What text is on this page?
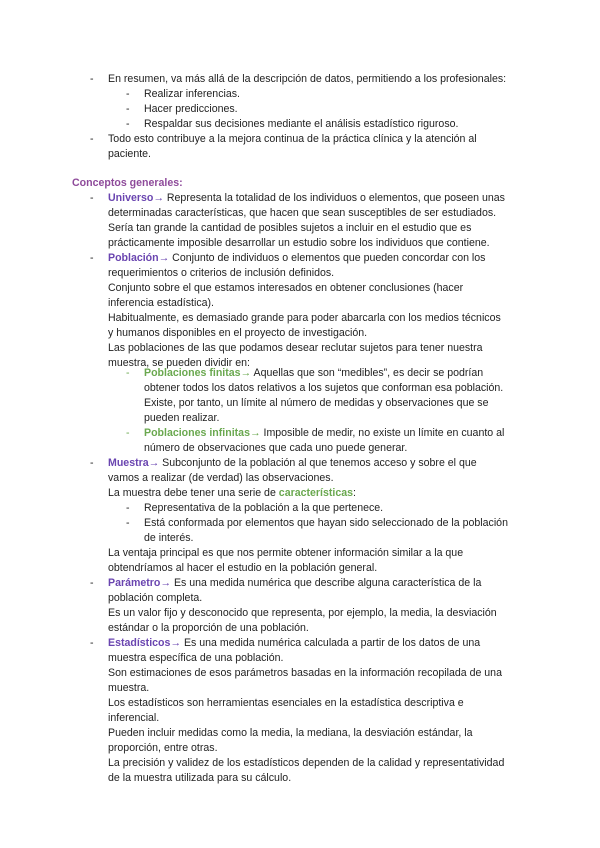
- En resumen, va más allá de la descripción de datos, permitiendo a los profesionales:
- Realizar inferencias.
- Hacer predicciones.
- Respaldar sus decisiones mediante el análisis estadístico riguroso.
- Todo esto contribuye a la mejora continua de la práctica clínica y la atención al
paciente.
Conceptos generales:
- Universo→ Representa la totalidad de los individuos o elementos, que poseen unas
determinadas características, que hacen que sean susceptibles de ser estudiados.
Sería tan grande la cantidad de posibles sujetos a incluir en el estudio que es
prácticamente imposible desarrollar un estudio sobre los individuos que contiene.
- Población→ Conjunto de individuos o elementos que pueden concordar con los
requerimientos o criterios de inclusión definidos.
Conjunto sobre el que estamos interesados en obtener conclusiones (hacer
inferencia estadística).
Habitualmente, es demasiado grande para poder abarcarla con los medios técnicos
y humanos disponibles en el proyecto de investigación.
Las poblaciones de las que podamos desear reclutar sujetos para tener nuestra
muestra, se pueden dividir en:
- Poblaciones finitas→ Aquellas que son “medibles”, es decir se podrían
obtener todos los datos relativos a los sujetos que conforman esa población.
Existe, por tanto, un límite al número de medidas y observaciones que se
pueden realizar.
- Poblaciones infinitas→ Imposible de medir, no existe un límite en cuanto al
número de observaciones que cada uno puede generar.
- Muestra→ Subconjunto de la población al que tenemos acceso y sobre el que
vamos a realizar (de verdad) las observaciones.
La muestra debe tener una serie de características:
- Representativa de la población a la que pertenece.
- Está conformada por elementos que hayan sido seleccionado de la población
de interés.
La ventaja principal es que nos permite obtener información similar a la que
obtendríamos al hacer el estudio en la población general.
- Parámetro→ Es una medida numérica que describe alguna característica de la
población completa.
Es un valor fijo y desconocido que representa, por ejemplo, la media, la desviación
estándar o la proporción de una población.
- Estadísticos→ Es una medida numérica calculada a partir de los datos de una
muestra específica de una población.
Son estimaciones de esos parámetros basadas en la información recopilada de una
muestra.
Los estadísticos son herramientas esenciales en la estadística descriptiva e
inferencial.
Pueden incluir medidas como la media, la mediana, la desviación estándar, la
proporción, entre otras.
La precisión y validez de los estadísticos dependen de la calidad y representatividad
de la muestra utilizada para su cálculo.
